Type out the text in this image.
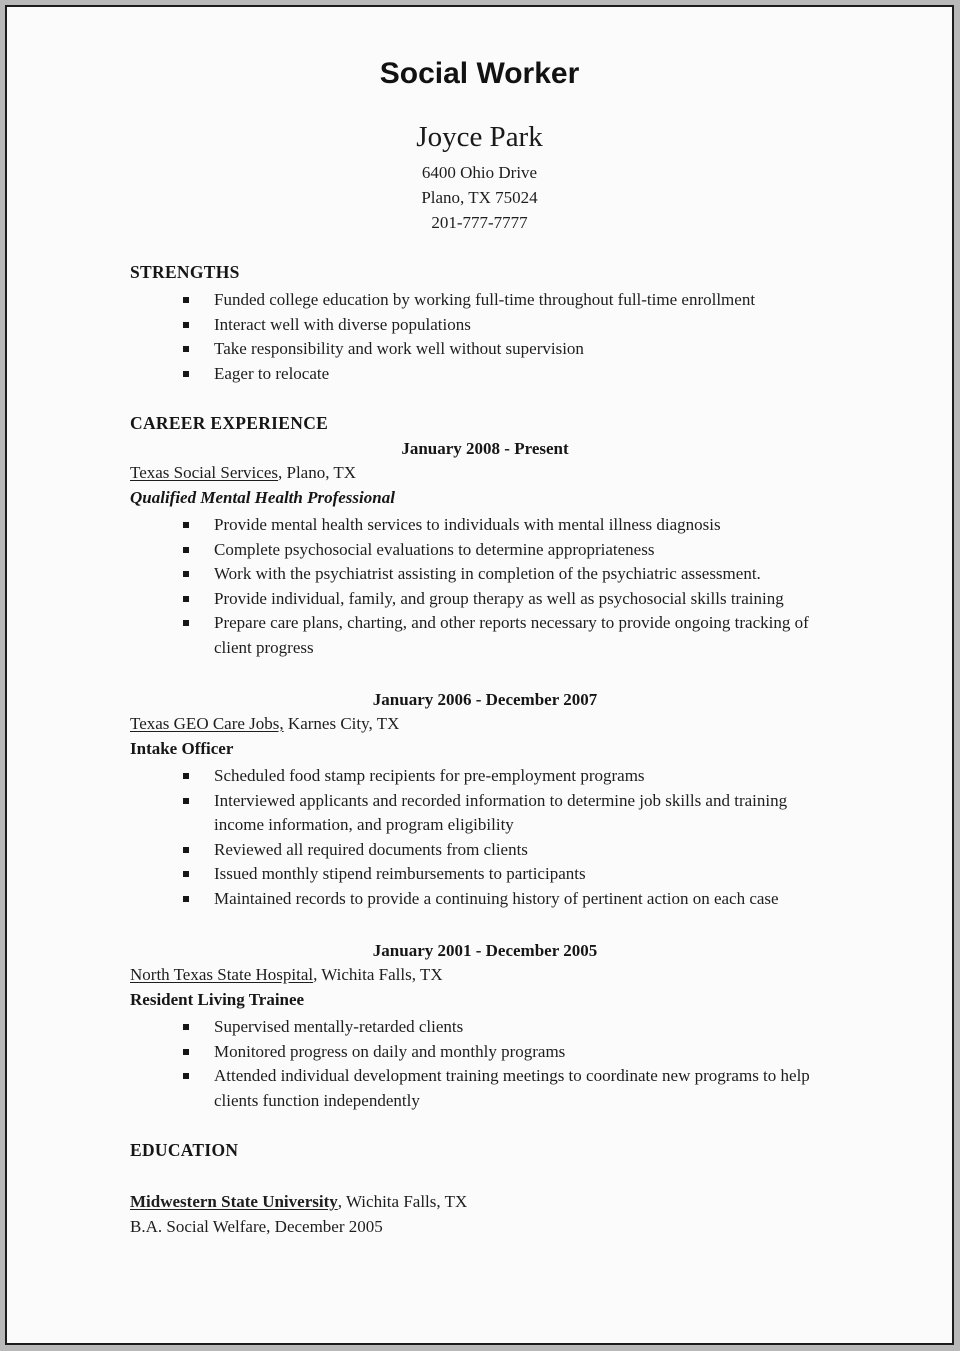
Social Worker
Joyce Park
6400 Ohio Drive
Plano, TX 75024
201-777-7777
STRENGTHS
Funded college education by working full-time throughout full-time enrollment
Interact well with diverse populations
Take responsibility and work well without supervision
Eager to relocate
CAREER EXPERIENCE
January 2008 - Present
Texas Social Services, Plano, TX
Qualified Mental Health Professional
Provide mental health services to individuals with mental illness diagnosis
Complete psychosocial evaluations to determine appropriateness
Work with the psychiatrist assisting in completion of the psychiatric assessment.
Provide individual, family, and group therapy as well as psychosocial skills training
Prepare care plans, charting, and other reports necessary to provide ongoing tracking of client progress
January 2006 - December 2007
Texas GEO Care Jobs, Karnes City, TX
Intake Officer
Scheduled food stamp recipients for pre-employment programs
Interviewed applicants and recorded information to determine job skills and training income information, and program eligibility
Reviewed all required documents from clients
Issued monthly stipend reimbursements to participants
Maintained records to provide a continuing history of pertinent action on each case
January 2001 - December 2005
North Texas State Hospital, Wichita Falls, TX
Resident Living Trainee
Supervised mentally-retarded clients
Monitored progress on daily and monthly programs
Attended individual development training meetings to coordinate new programs to help clients function independently
EDUCATION
Midwestern State University, Wichita Falls, TX
B.A. Social Welfare, December 2005
